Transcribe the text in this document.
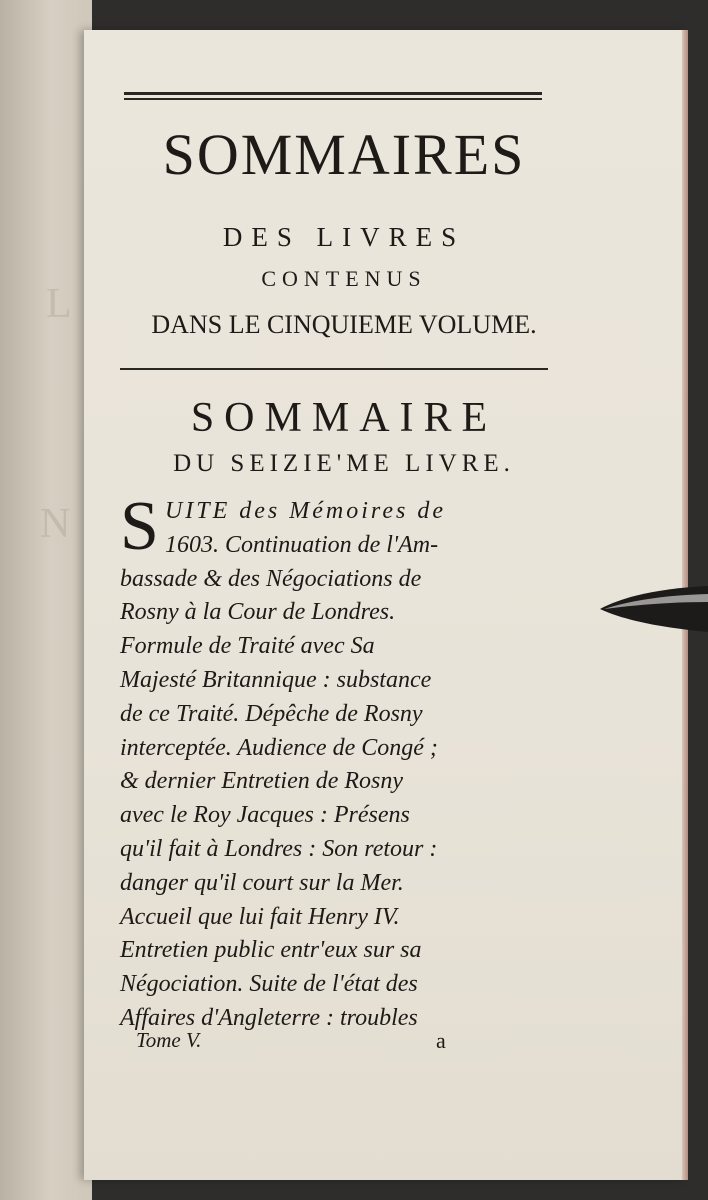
L
N
SOMMAIRES
DES LIVRES
CONTENUS
DANS LE CINQUIEME VOLUME.
SOMMAIRE
DU SEIZIE'ME LIVRE.
S UITE des Mémoires de
1603. Continuation de l'Am-
bassade & des Négociations de
Rosny à la Cour de Londres.
Formule de Traité avec Sa
Majesté Britannique : substance
de ce Traité. Dépêche de Rosny
interceptée. Audience de Congé ;
& dernier Entretien de Rosny
avec le Roy Jacques : Présens
qu'il fait à Londres : Son retour :
danger qu'il court sur la Mer.
Accueil que lui fait Henry IV.
Entretien public entr'eux sur sa
Négociation. Suite de l'état des
Affaires d'Angleterre : troubles
Tome V.	a
